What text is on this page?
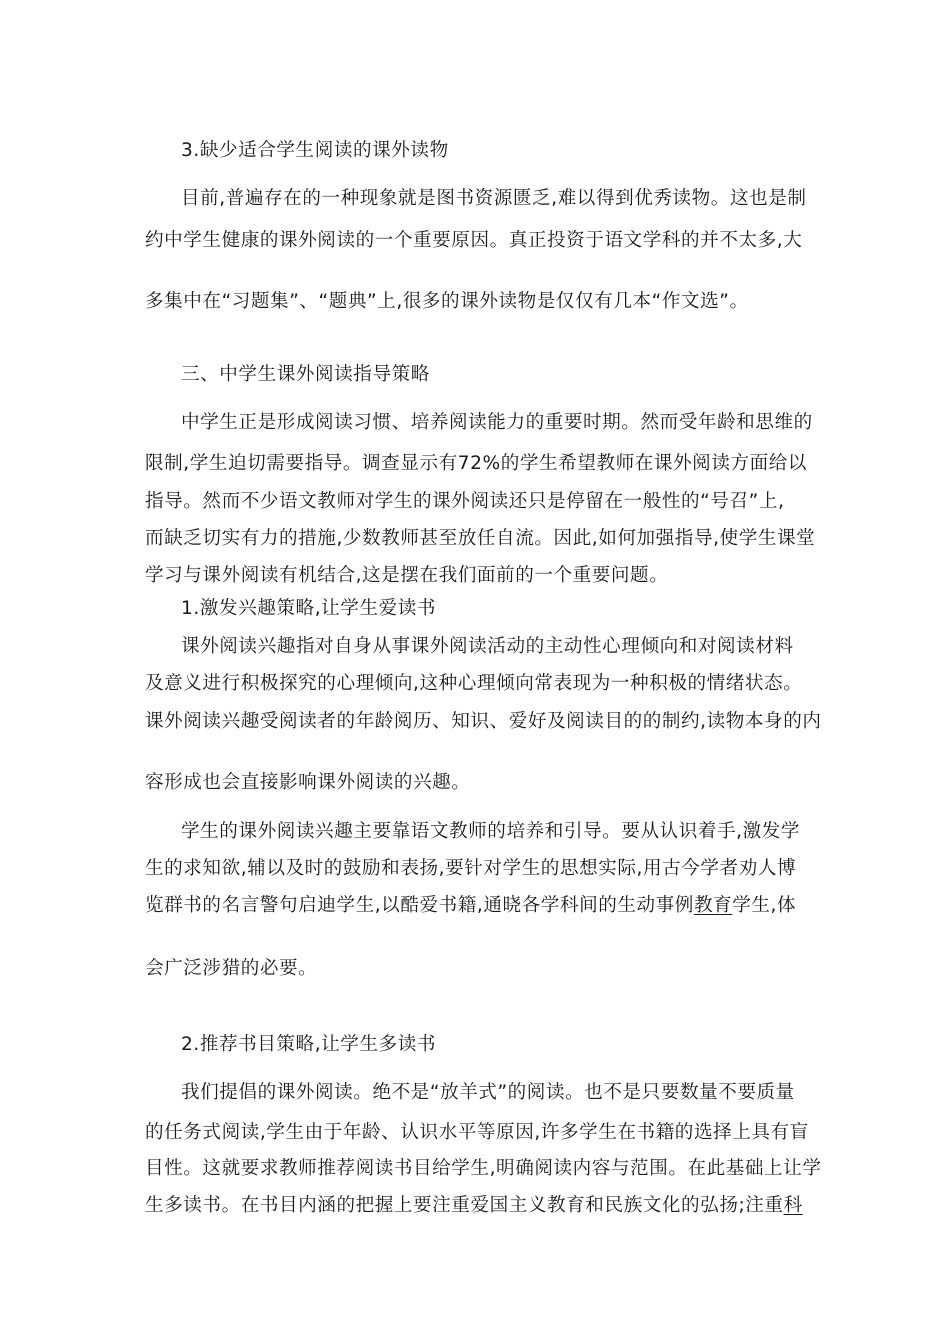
3.缺少适合学生阅读的课外读物

目前,普遍存在的一种现象就是图书资源匮乏,难以得到优秀读物。这也是制

约中学生健康的课外阅读的一个重要原因。真正投资于语文学科的并不太多,大

多集中在“习题集”、“题典”上,很多的课外读物是仅仅有几本“作文选”。

三、中学生课外阅读指导策略

中学生正是形成阅读习惯、培养阅读能力的重要时期。然而受年龄和思维的

限制,学生迫切需要指导。调查显示有72%的学生希望教师在课外阅读方面给以

指导。然而不少语文教师对学生的课外阅读还只是停留在一般性的“号召”上,

而缺乏切实有力的措施,少数教师甚至放任自流。因此,如何加强指导,使学生课堂

学习与课外阅读有机结合,这是摆在我们面前的一个重要问题。

1.激发兴趣策略,让学生爱读书

课外阅读兴趣指对自身从事课外阅读活动的主动性心理倾向和对阅读材料

及意义进行积极探究的心理倾向,这种心理倾向常表现为一种积极的情绪状态。

课外阅读兴趣受阅读者的年龄阅历、知识、爱好及阅读目的的制约,读物本身的内

容形成也会直接影响课外阅读的兴趣。

学生的课外阅读兴趣主要靠语文教师的培养和引导。要从认识着手,激发学

生的求知欲,辅以及时的鼓励和表扬,要针对学生的思想实际,用古今学者劝人博

览群书的名言警句启迪学生,以酷爱书籍,通晓各学科间的生动事例教育学生,体

会广泛涉猎的必要。

2.推荐书目策略,让学生多读书

我们提倡的课外阅读。绝不是“放羊式”的阅读。也不是只要数量不要质量

的任务式阅读,学生由于年龄、认识水平等原因,许多学生在书籍的选择上具有盲

目性。这就要求教师推荐阅读书目给学生,明确阅读内容与范围。在此基础上让学

生多读书。在书目内涵的把握上要注重爱国主义教育和民族文化的弘扬;注重科
